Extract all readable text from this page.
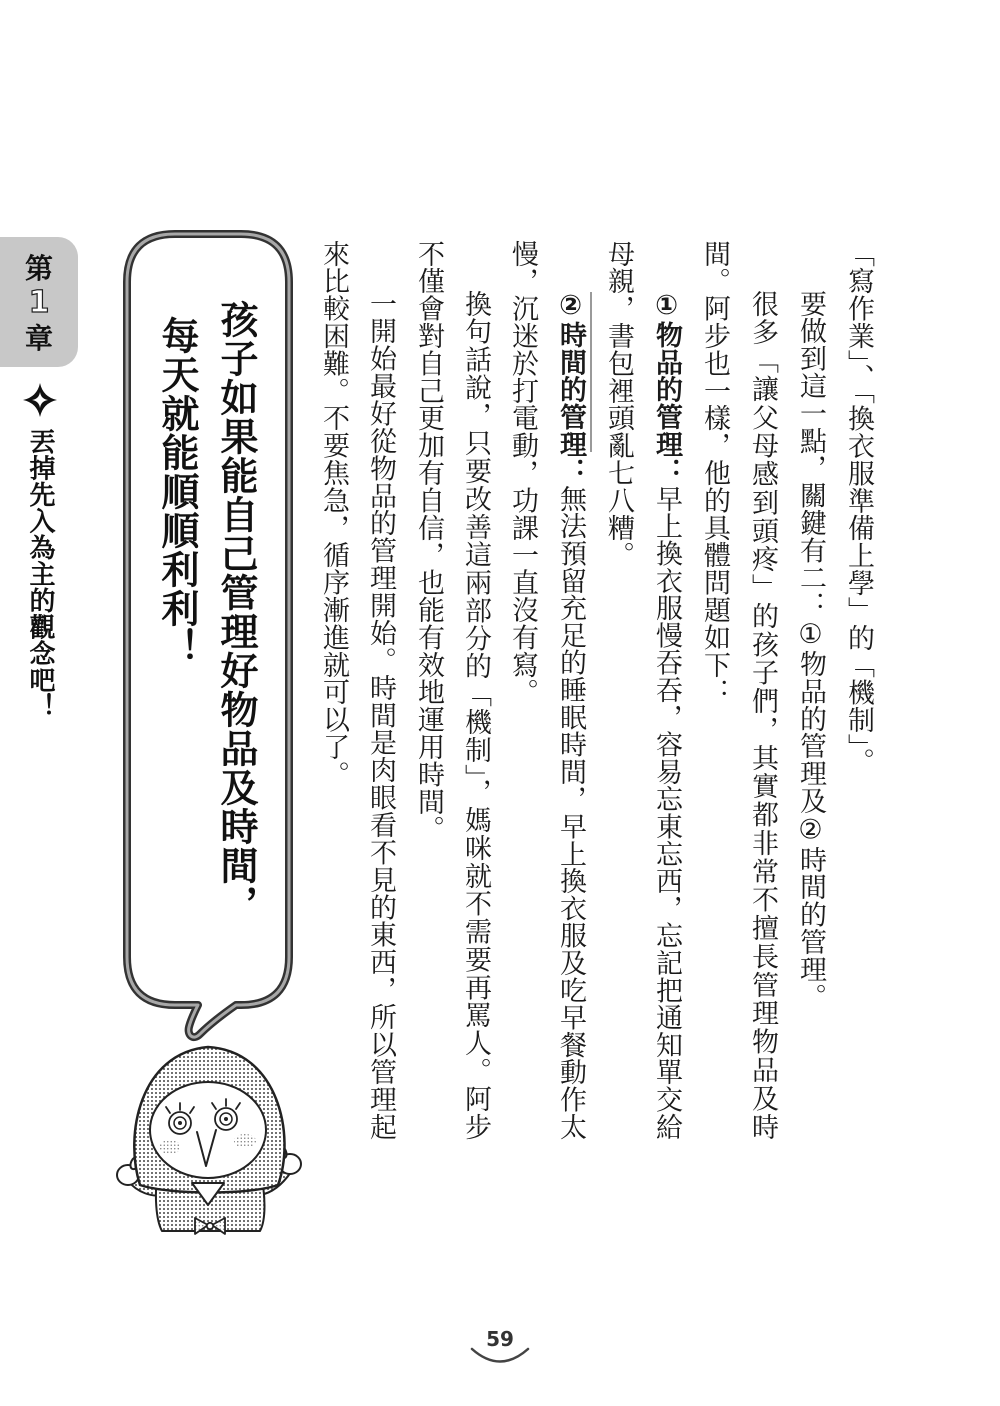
第
1
章
丟掉先入為主的觀念吧！	孩子如果能自己管理好物品及時間，
每天就能順順利利！	「寫作業」、「換衣服準備上學」的「機制」。
要做到這一點，關鍵有二：①物品的管理及②時間的管理。
很多「讓父母感到頭疼」的孩子們，其實都非常不擅長管理物品及時
間。阿步也一樣，他的具體問題如下：
①物品的管理：早上換衣服慢吞吞，容易忘東忘西，忘記把通知單交給
母親，書包裡頭亂七八糟。
②時間的管理：無法預留充足的睡眠時間，早上換衣服及吃早餐動作太
慢，沉迷於打電動，功課一直沒有寫。
換句話說，只要改善這兩部分的「機制」，媽咪就不需要再罵人。阿步
不僅會對自己更加有自信，也能有效地運用時間。
一開始最好從物品的管理開始。時間是肉眼看不見的東西，所以管理起
來比較困難。不要焦急，循序漸進就可以了。
59
